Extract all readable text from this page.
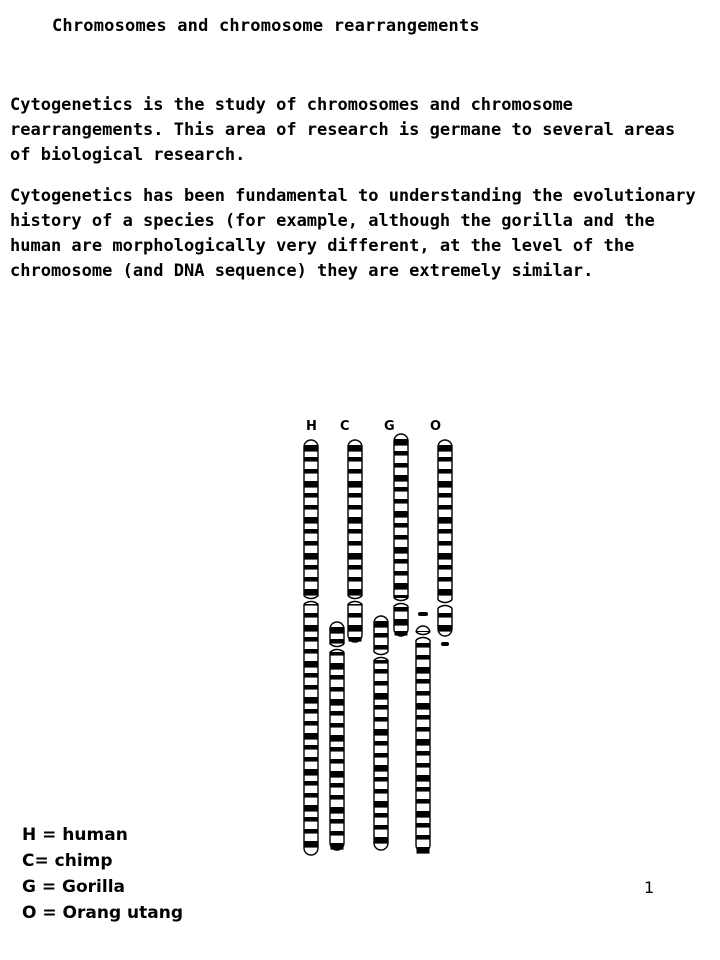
Chromosomes and chromosome rearrangements

Cytogenetics is the study of chromosomes and chromosome rearrangements. This area of research is germane to several areas of biological research.

Cytogenetics has been fundamental to understanding the evolutionary history of a species (for example, although the gorilla and the human are morphologically very different, at the level of the chromosome (and DNA sequence) they are extremely similar.

H C	G	O
H = human
C= chimp
G = Gorilla
O = Orang utang
1
